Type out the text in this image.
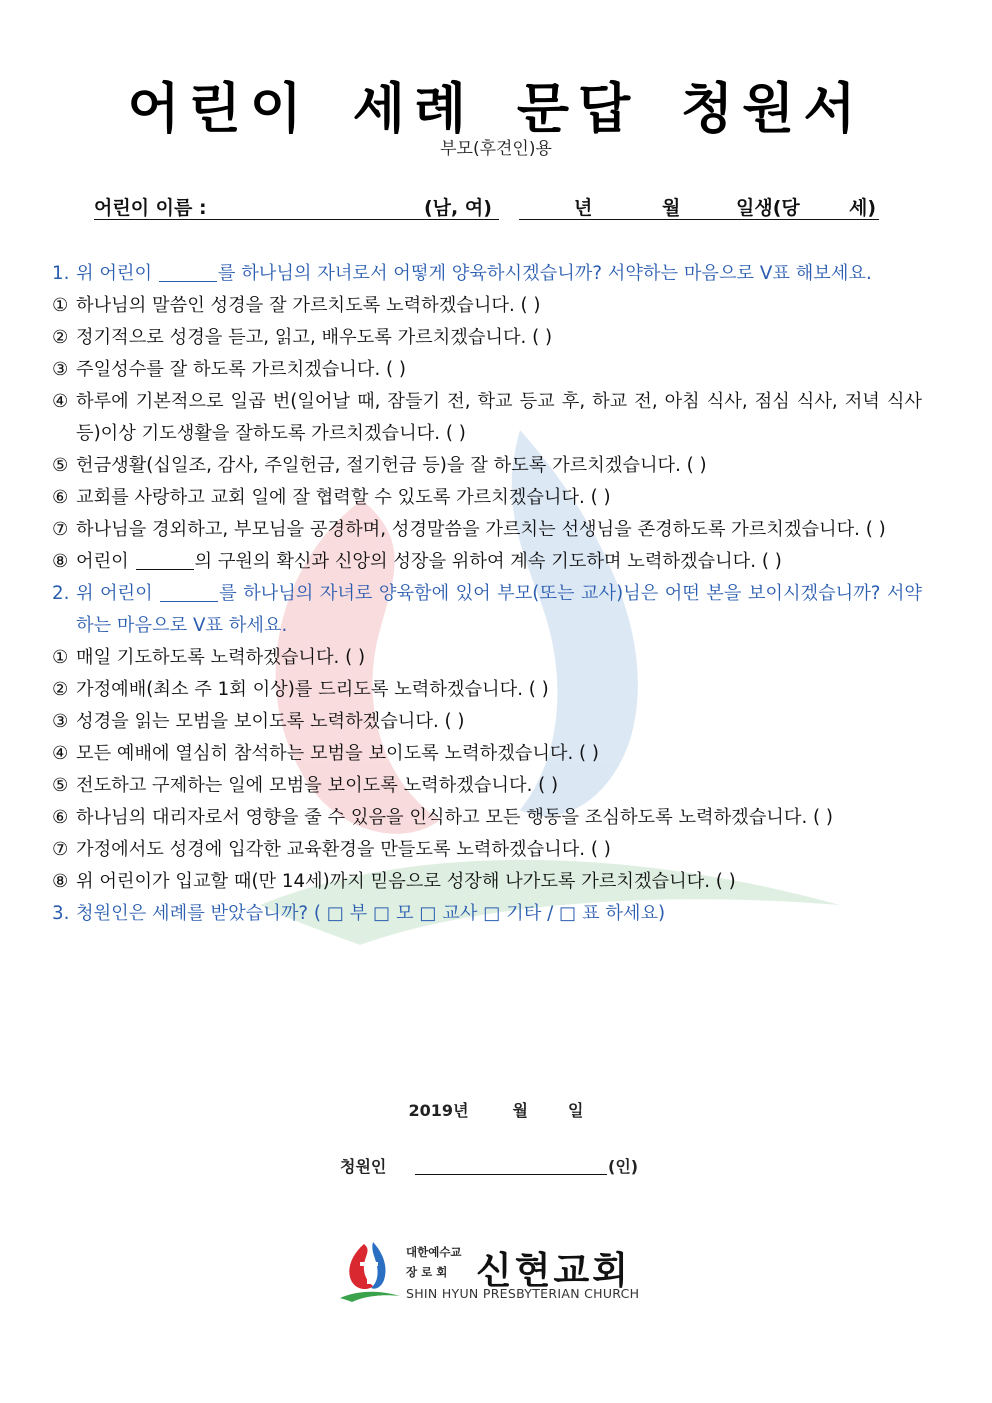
어린이 세례 문답 청원서
부모(후견인)용
어린이 이름 :	(남, 여)	년	월	일생(당	세)
1. 위 어린이	를 하나님의 자녀로서 어떻게 양육하시겠습니까? 서약하는 마음으로 V표 해보세요.
① 하나님의 말씀인 성경을 잘 가르치도록 노력하겠습니다. ( )
② 정기적으로 성경을 듣고, 읽고, 배우도록 가르치겠습니다. ( )
③ 주일성수를 잘 하도록 가르치겠습니다. ( )
④ 하루에 기본적으로 일곱 번(일어날 때, 잠들기 전, 학교 등교 후, 하교 전, 아침 식사, 점심 식사, 저녁 식사 등)이상 기도생활을 잘하도록 가르치겠습니다. ( )
⑤ 헌금생활(십일조, 감사, 주일헌금, 절기헌금 등)을 잘 하도록 가르치겠습니다. ( )
⑥ 교회를 사랑하고 교회 일에 잘 협력할 수 있도록 가르치겠습니다. ( )
⑦ 하나님을 경외하고, 부모님을 공경하며, 성경말씀을 가르치는 선생님을 존경하도록 가르치겠습니다. ( )
⑧ 어린이	의 구원의 확신과 신앙의 성장을 위하여 계속 기도하며 노력하겠습니다. ( )
2. 위 어린이	를 하나님의 자녀로 양육함에 있어 부모(또는 교사)님은 어떤 본을 보이시겠습니까? 서약하는 마음으로 V표 하세요.
① 매일 기도하도록 노력하겠습니다. ( )
② 가정예배(최소 주 1회 이상)를 드리도록 노력하겠습니다. ( )
③ 성경을 읽는 모범을 보이도록 노력하겠습니다. ( )
④ 모든 예배에 열심히 참석하는 모범을 보이도록 노력하겠습니다. ( )
⑤ 전도하고 구제하는 일에 모범을 보이도록 노력하겠습니다. ( )
⑥ 하나님의 대리자로서 영향을 줄 수 있음을 인식하고 모든 행동을 조심하도록 노력하겠습니다. ( )
⑦ 가정에서도 성경에 입각한 교육환경을 만들도록 노력하겠습니다. ( )
⑧ 위 어린이가 입교할 때(만 14세)까지 믿음으로 성장해 나가도록 가르치겠습니다. ( )
3. 청원인은 세례를 받았습니까? ( □ 부 □ 모 □ 교사 □ 기타 / □ 표 하세요)
2019년	월	일
청원인	(인)
대한예수교
장 로 회 신현교회
SHIN HYUN PRESBYTERIAN CHURCH
